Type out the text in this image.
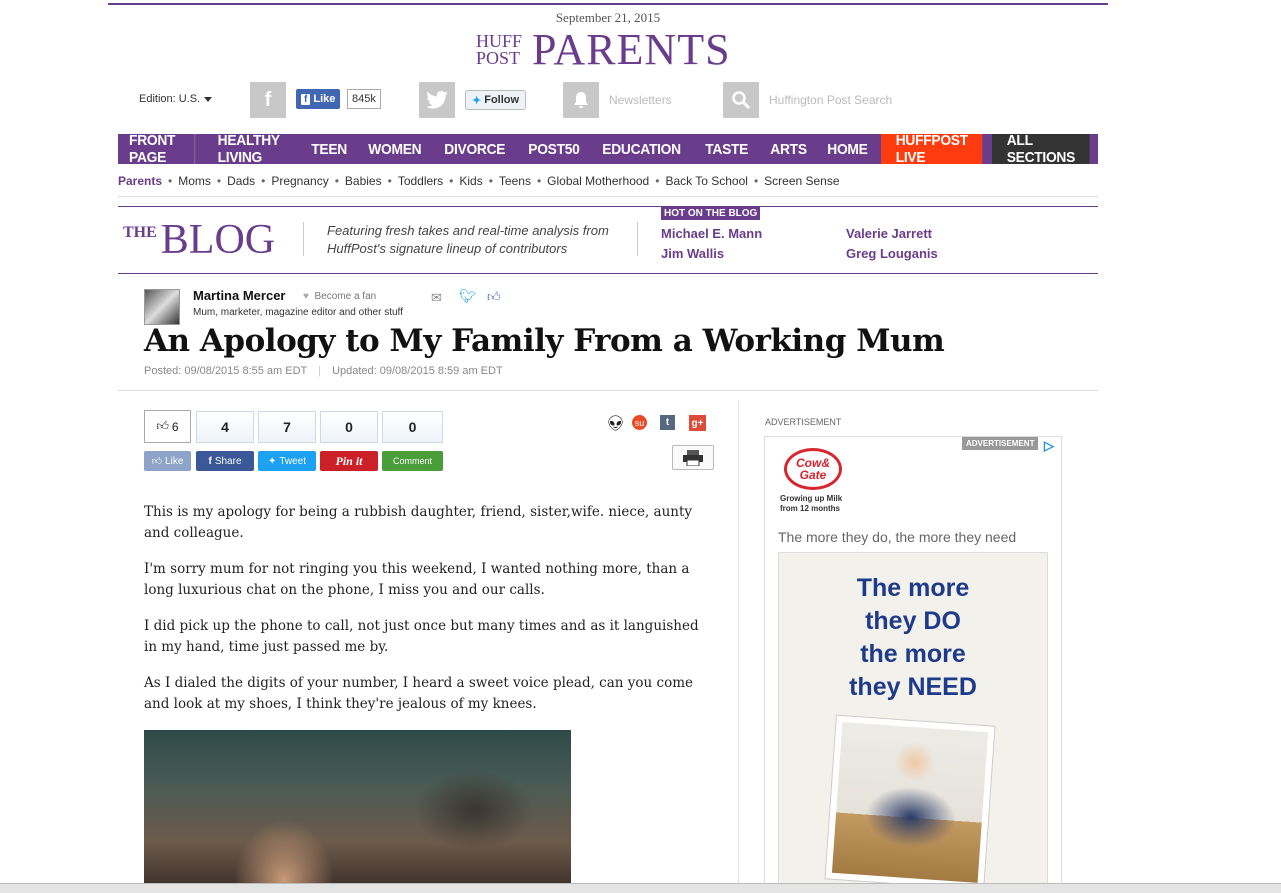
September 21, 2015
HUFF
POST PARENTS
Edition: U.S.	f	f Like	845k	✦ Follow	Newsletters	Huffington Post Search
FRONT PAGE
HEALTHY LIVING	TEEN	WOMEN	DIVORCE	POST50	EDUCATION	TASTE	ARTS	HOME	HUFFPOST LIVE
ALL SECTIONS
Parents • Moms • Dads • Pregnancy • Babies • Toddlers • Kids • Teens • Global Motherhood • Back To School • Screen Sense
THE BLOG	Featuring fresh takes and real-time analysis from HuffPost's signature lineup of contributors
HOT ON THE BLOG
Michael E. Mann	Valerie Jarrett
Jim Wallis	Greg Louganis
Martina Mercer ♥ Become a fan	✉ 🐦︎ 👍︎
Mum, marketer, magazine editor and other stuff
An Apology to My Family From a Working Mum
Posted: 09/08/2015 8:55 am EDT | Updated: 09/08/2015 8:59 am EDT
👍︎ 6
👍︎ Like
4
f Share
7
✦ Tweet
0
Pin it
0
Comment
👽︎	su	t	g+
This is my apology for being a rubbish daughter, friend, sister,wife. niece, aunty and colleague.
I'm sorry mum for not ringing you this weekend, I wanted nothing more, than a long luxurious chat on the phone, I miss you and our calls.
I did pick up the phone to call, not just once but many times and as it languished in my hand, time just passed me by.
As I dialed the digits of your number, I heard a sweet voice plead, can you come and look at my shoes, I think they're jealous of my knees.
ADVERTISEMENT
ADVERTISEMENT ▷
Cow&
Gate
Growing up Milk
from 12 months
The more they do, the more they need
The more
they DO
the more
they NEED
